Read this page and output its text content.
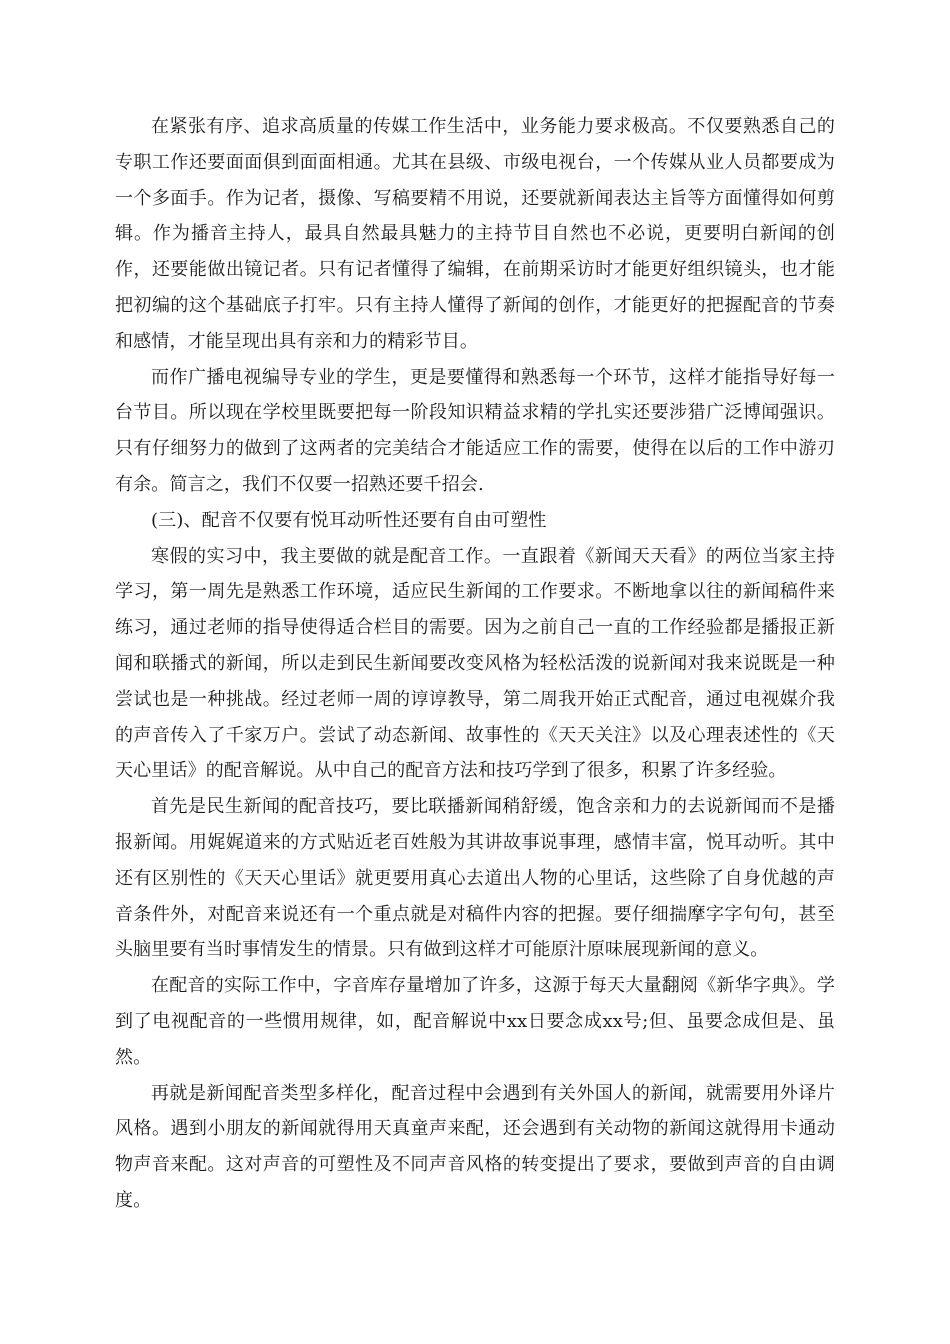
在紧张有序、追求高质量的传媒工作生活中，业务能力要求极高。不仅要熟悉自己的专职工作还要面面俱到面面相通。尤其在县级、市级电视台，一个传媒从业人员都要成为一个多面手。作为记者，摄像、写稿要精不用说，还要就新闻表达主旨等方面懂得如何剪辑。作为播音主持人，最具自然最具魅力的主持节目自然也不必说，更要明白新闻的创作，还要能做出镜记者。只有记者懂得了编辑，在前期采访时才能更好组织镜头，也才能把初编的这个基础底子打牢。只有主持人懂得了新闻的创作，才能更好的把握配音的节奏和感情，才能呈现出具有亲和力的精彩节目。

而作广播电视编导专业的学生，更是要懂得和熟悉每一个环节，这样才能指导好每一台节目。所以现在学校里既要把每一阶段知识精益求精的学扎实还要涉猎广泛博闻强识。只有仔细努力的做到了这两者的完美结合才能适应工作的需要，使得在以后的工作中游刃有余。简言之，我们不仅要一招熟还要千招会.

(三)、配音不仅要有悦耳动听性还要有自由可塑性

寒假的实习中，我主要做的就是配音工作。一直跟着《新闻天天看》的两位当家主持学习，第一周先是熟悉工作环境，适应民生新闻的工作要求。不断地拿以往的新闻稿件来练习，通过老师的指导使得适合栏目的需要。因为之前自己一直的工作经验都是播报正新闻和联播式的新闻，所以走到民生新闻要改变风格为轻松活泼的说新闻对我来说既是一种尝试也是一种挑战。经过老师一周的谆谆教导，第二周我开始正式配音，通过电视媒介我的声音传入了千家万户。尝试了动态新闻、故事性的《天天关注》以及心理表述性的《天天心里话》的配音解说。从中自己的配音方法和技巧学到了很多，积累了许多经验。

首先是民生新闻的配音技巧，要比联播新闻稍舒缓，饱含亲和力的去说新闻而不是播报新闻。用娓娓道来的方式贴近老百姓般为其讲故事说事理，感情丰富，悦耳动听。其中还有区别性的《天天心里话》就更要用真心去道出人物的心里话，这些除了自身优越的声音条件外，对配音来说还有一个重点就是对稿件内容的把握。要仔细揣摩字字句句，甚至头脑里要有当时事情发生的情景。只有做到这样才可能原汁原味展现新闻的意义。

在配音的实际工作中，字音库存量增加了许多，这源于每天大量翻阅《新华字典》。学到了电视配音的一些惯用规律，如，配音解说中xx日要念成xx号;但、虽要念成但是、虽然。

再就是新闻配音类型多样化，配音过程中会遇到有关外国人的新闻，就需要用外译片风格。遇到小朋友的新闻就得用天真童声来配，还会遇到有关动物的新闻这就得用卡通动物声音来配。这对声音的可塑性及不同声音风格的转变提出了要求，要做到声音的自由调度。
